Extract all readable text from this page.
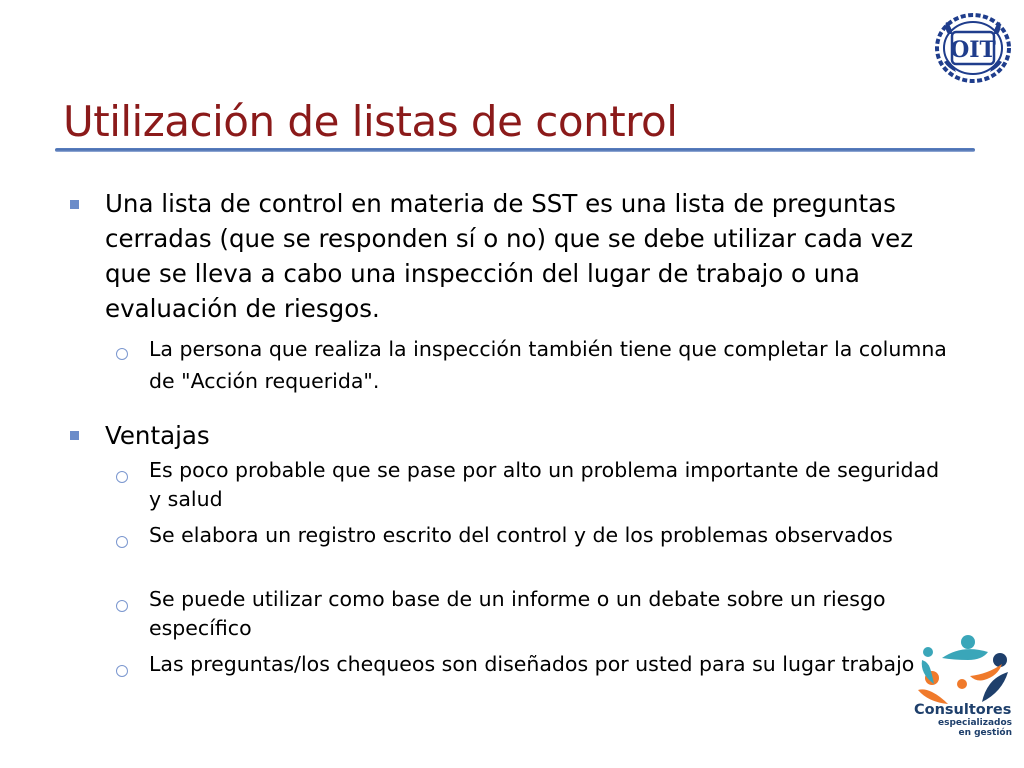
OIT
Utilización de listas de control

Una lista de control en materia de SST es una lista de preguntas cerradas (que se responden sí o no) que se debe utilizar cada vez que se lleva a cabo una inspección del lugar de trabajo o una evaluación de riesgos.

La persona que realiza la inspección también tiene que completar la columna de "Acción requerida".

Ventajas

Es poco probable que se pase por alto un problema importante de seguridad y salud

Se elabora un registro escrito del control y de los problemas observados

Se puede utilizar como base de un informe o un debate sobre un riesgo específico

Las preguntas/los chequeos son diseñados por usted para su lugar trabajo

Consultores
especializados
en gestión
